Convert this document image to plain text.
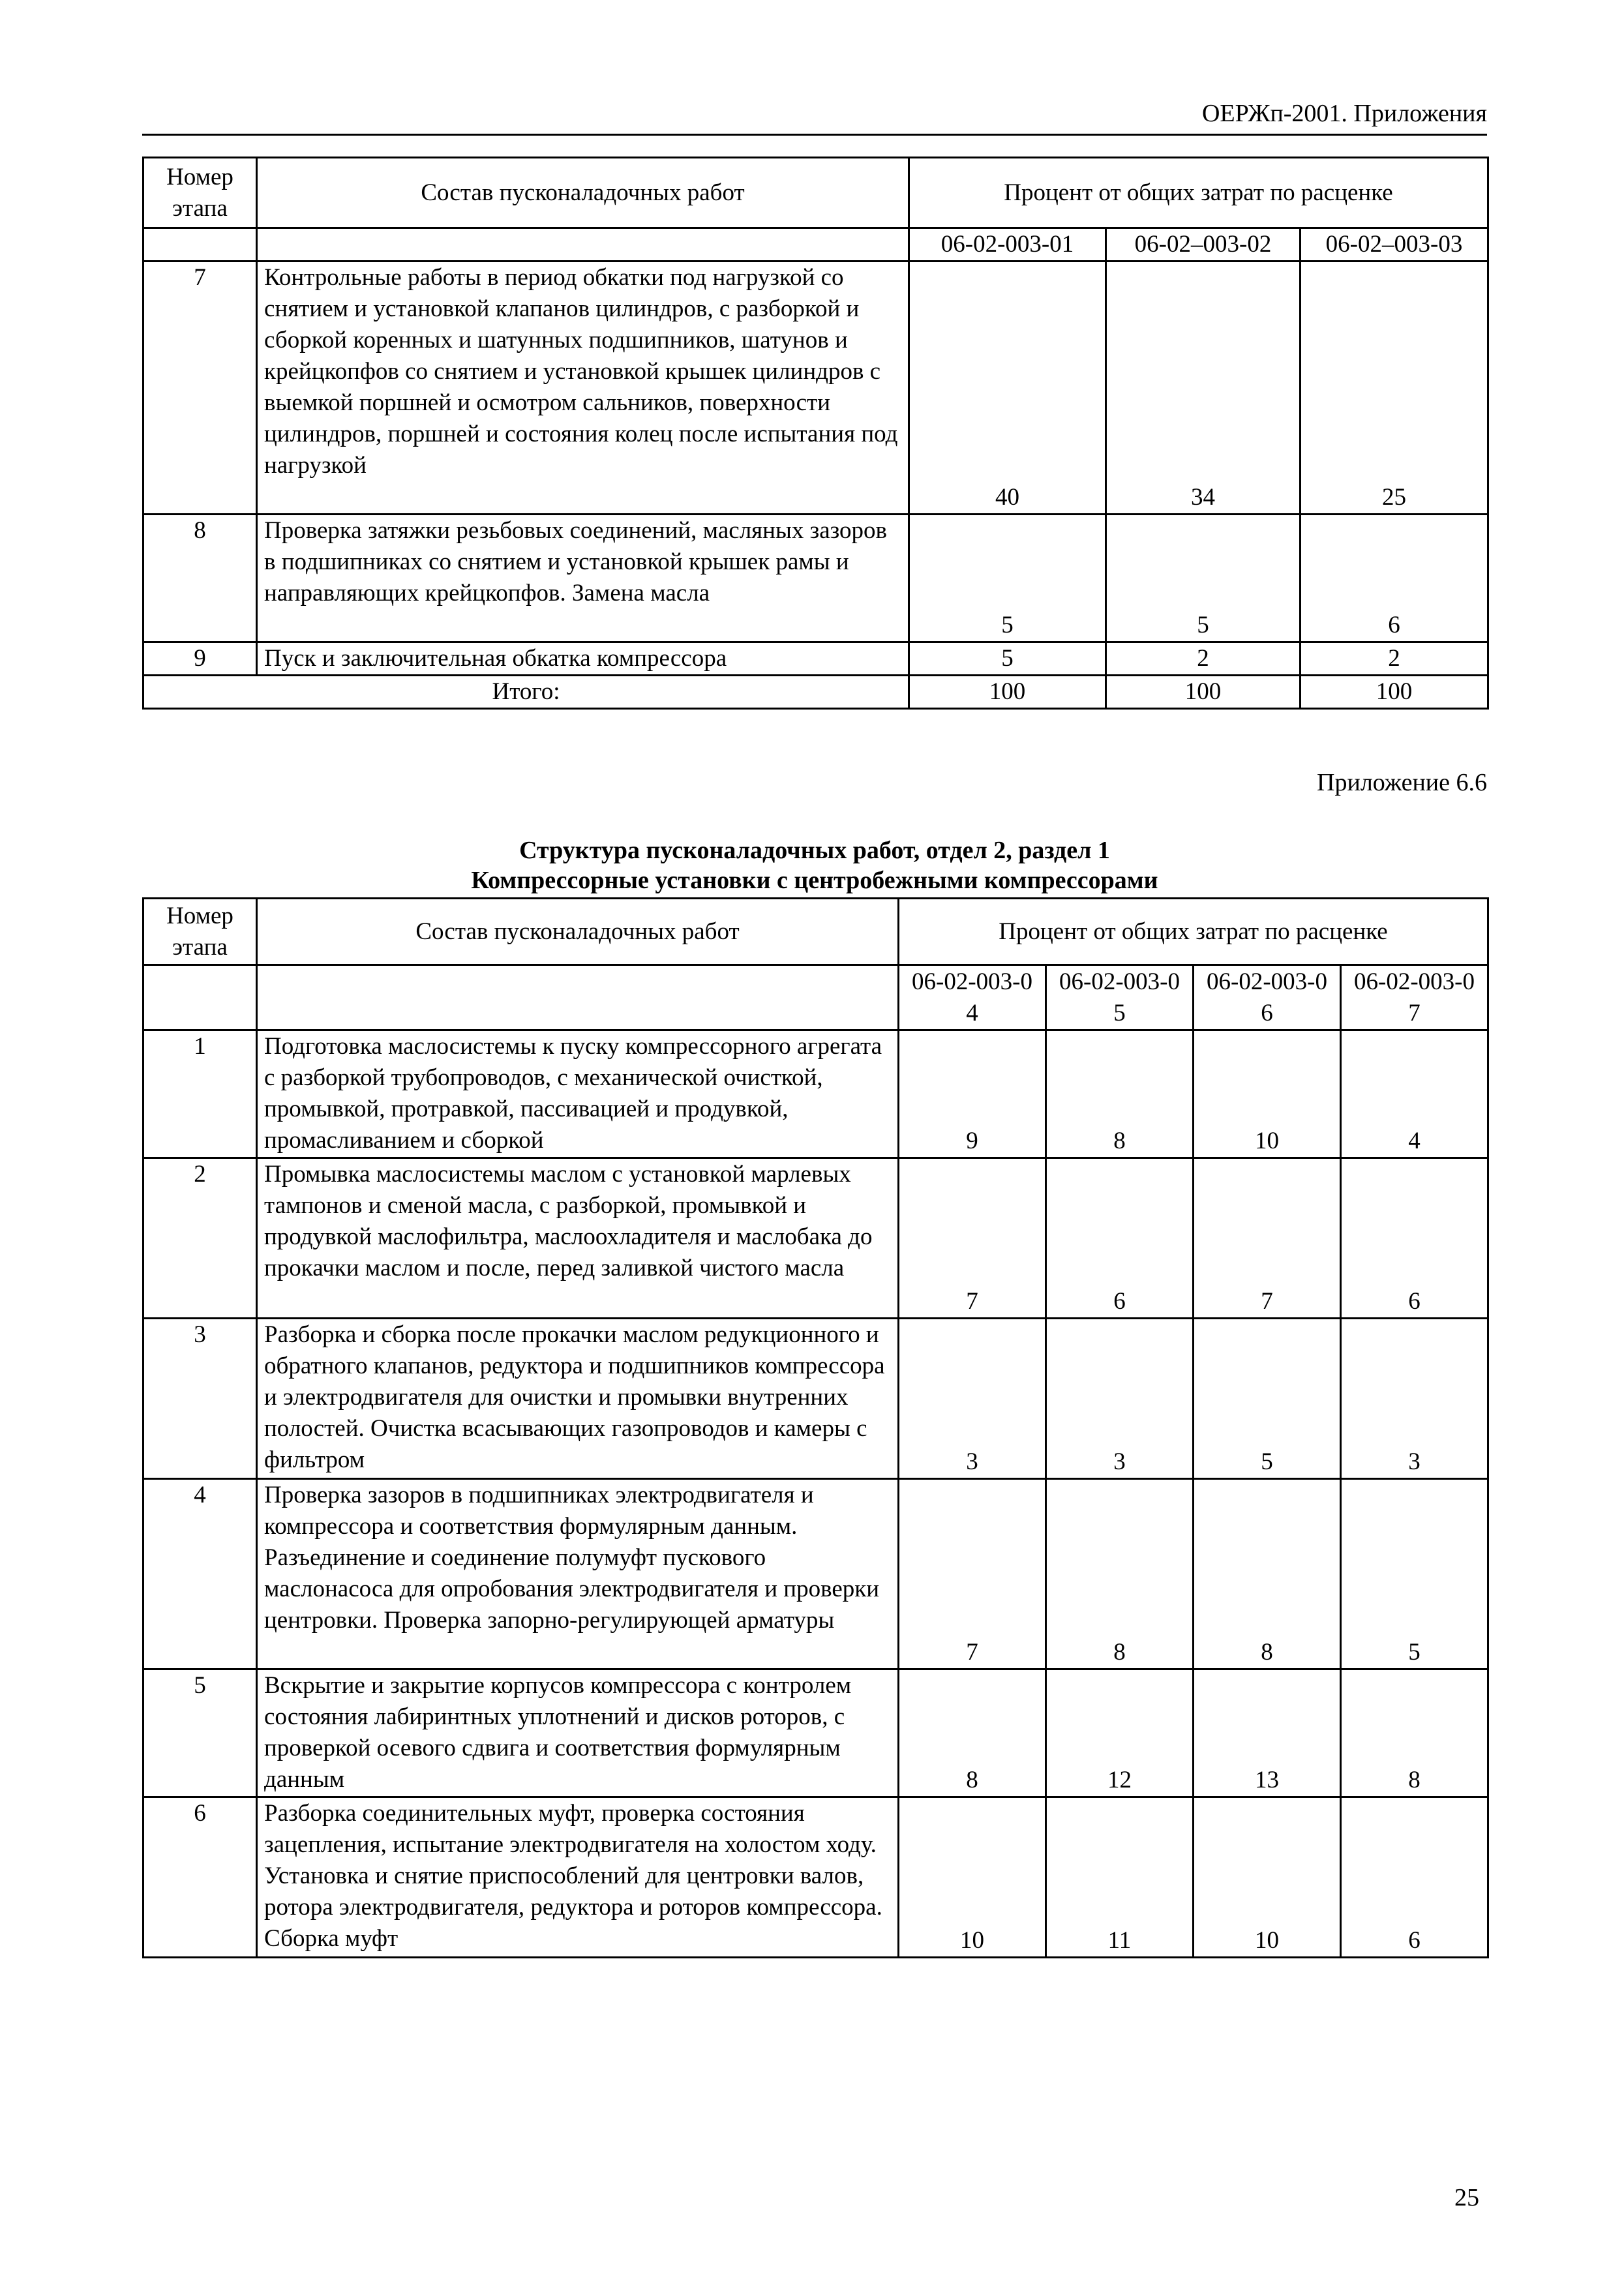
ОЕРЖп-2001. Приложения
Номер этапа	Состав пусконаладочных работ	Процент от общих затрат по расценке		
		06-02-003-01	06-02–003-02	06-02–003-03
7	Контрольные работы в период обкатки под нагрузкой со снятием и установкой клапанов цилиндров, с разборкой и сборкой коренных и шатунных подшипников, шатунов и крейцкопфов со снятием и установкой крышек цилиндров с выемкой поршней и осмотром сальников, поверхности цилиндров, поршней и состояния колец после испытания под нагрузкой	40	34	25
8	Проверка затяжки резьбовых соединений, масляных зазоров в подшипниках со снятием и установкой крышек рамы и направляющих крейцкопфов. Замена масла	5	5	6
9	Пуск и заключительная обкатка компрессора	5	2	2
Итого:		100	100	100
Приложение 6.6
Структура пусконаладочных работ, отдел 2, раздел 1
Компрессорные установки с центробежными компрессорами
Номер этапа	Состав пусконаладочных работ	Процент от общих затрат по расценке			
		06-02-003-04	06-02-003-05	06-02-003-06	06-02-003-07
1	Подготовка маслосистемы к пуску компрессорного агрегата с разборкой трубопроводов, с механической очисткой, промывкой, протравкой, пассивацией и продувкой, промасливанием и сборкой	9	8	10	4
2	Промывка маслосистемы маслом с установкой марлевых тампонов и сменой масла, с разборкой, промывкой и продувкой маслофильтра, маслоохладителя и маслобака до прокачки маслом и после, перед заливкой чистого масла	7	6	7	6
3	Разборка и сборка после прокачки маслом редукционного и обратного клапанов, редуктора и подшипников компрессора и электродвигателя для очистки и промывки внутренних полостей. Очистка всасывающих газопроводов и камеры с фильтром	3	3	5	3
4	Проверка зазоров в подшипниках электродвигателя и компрессора и соответствия формулярным данным. Разъединение и соединение полумуфт пускового маслонасоса для опробования электродвигателя и проверки центровки. Проверка запорно-регулирующей арматуры	7	8	8	5
5	Вскрытие и закрытие корпусов компрессора с контролем состояния лабиринтных уплотнений и дисков роторов, с проверкой осевого сдвига и соответствия формулярным данным	8	12	13	8
6	Разборка соединительных муфт, проверка состояния зацепления, испытание электродвигателя на холостом ходу. Установка и снятие приспособлений для центровки валов, ротора электродвигателя, редуктора и роторов компрессора. Сборка муфт	10	11	10	6
25
